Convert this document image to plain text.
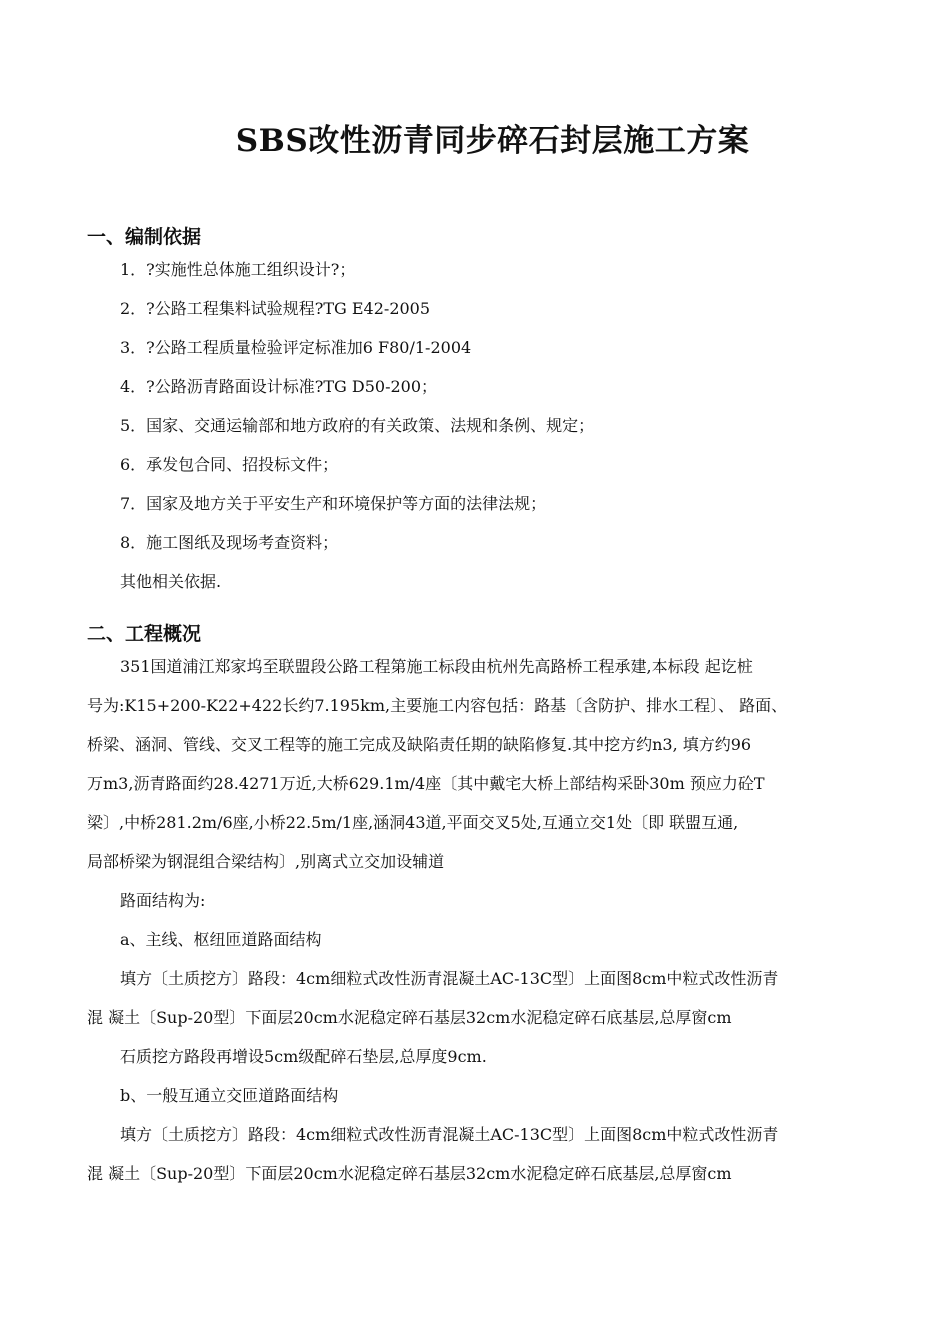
SBS改性沥青同步碎石封层施工方案
一、编制依据
1．?实施性总体施工组织设计?；
2．?公路工程集料试验规程?TG E42-2005
3．?公路工程质量检验评定标准加6 F80/1-2004
4．?公路沥青路面设计标准?TG D50-200；
5．国家、交通运输部和地方政府的有关政策、法规和条例、规定；
6．承发包合同、招投标文件；
7．国家及地方关于平安生产和环境保护等方面的法律法规；
8．施工图纸及现场考查资料；
其他相关依据.
二、工程概况
351国道浦江郑家坞至联盟段公路工程第施工标段由杭州先高路桥工程承建,本标段 起讫桩
号为:K15+200-K22+422长约7.195km,主要施工内容包括：路基〔含防护、排水工程〕、 路面、
桥梁、涵洞、管线、交叉工程等的施工完成及缺陷责任期的缺陷修复.其中挖方约n3, 填方约96
万m3,沥青路面约28.4271万近,大桥629.1m/4座〔其中戴宅大桥上部结构采卧30m 预应力砼T
梁〕,中桥281.2m/6座,小桥22.5m/1座,涵洞43道,平面交叉5处,互通立交1处〔即 联盟互通,
局部桥梁为钢混组合梁结构〕,别离式立交加设辅道
路面结构为:
a、主线、枢纽匝道路面结构
填方〔土质挖方〕路段：4cm细粒式改性沥青混凝土AC-13C型〕上面图8cm中粒式改性沥青
混 凝土〔Sup-20型〕下面层20cm水泥稳定碎石基层32cm水泥稳定碎石底基层,总厚窗cm
石质挖方路段再增设5cm级配碎石垫层,总厚度9cm.
b、一般互通立交匝道路面结构
填方〔土质挖方〕路段：4cm细粒式改性沥青混凝土AC-13C型〕上面图8cm中粒式改性沥青
混 凝土〔Sup-20型〕下面层20cm水泥稳定碎石基层32cm水泥稳定碎石底基层,总厚窗cm
